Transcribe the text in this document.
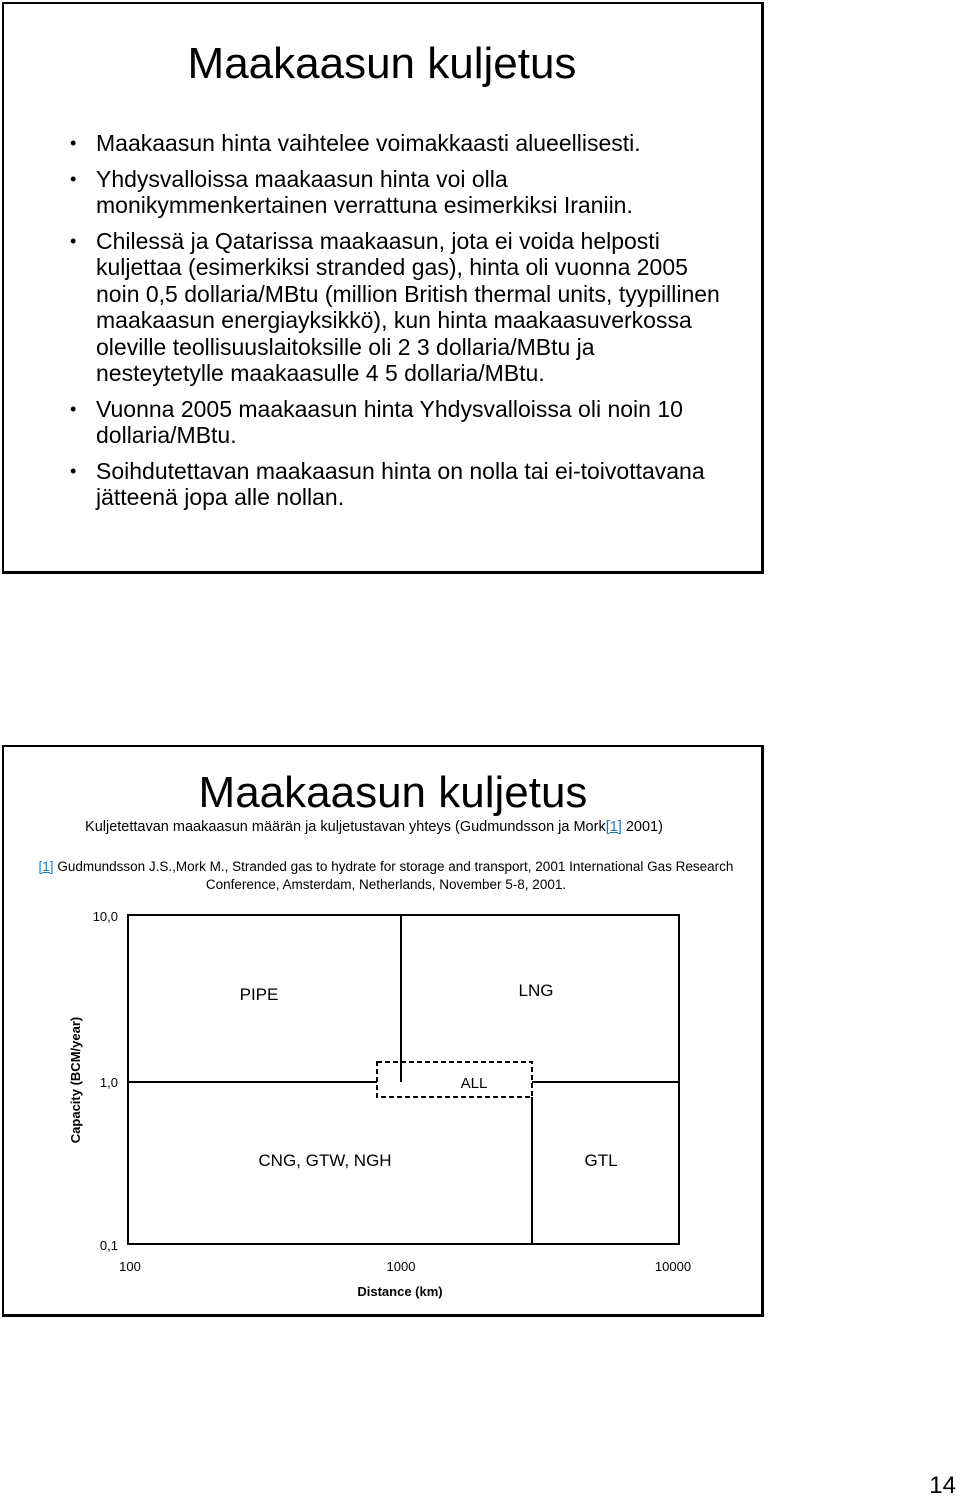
Maakaasun kuljetus
• Maakaasun hinta vaihtelee voimakkaasti alueellisesti.
• Yhdysvalloissa maakaasun hinta voi olla monikymmenkertainen verrattuna esimerkiksi Iraniin.
• Chilessä ja Qatarissa maakaasun, jota ei voida helposti kuljettaa (esimerkiksi stranded gas), hinta oli vuonna 2005 noin 0,5 dollaria/MBtu (million British thermal units, tyypillinen maakaasun energiayksikkö), kun hinta maakaasuverkossa oleville teollisuuslaitoksille oli 2 3 dollaria/MBtu ja nesteytetylle maakaasulle 4 5 dollaria/MBtu.
• Vuonna 2005 maakaasun hinta Yhdysvalloissa oli noin 10 dollaria/MBtu.
• Soihdutettavan maakaasun hinta on nolla tai ei-toivottavana jätteenä jopa alle nollan.
Maakaasun kuljetus
Kuljetettavan maakaasun määrän ja kuljetustavan yhteys (Gudmundsson ja Mork[1] 2001)
[1] Gudmundsson J.S.,Mork M., Stranded gas to hydrate for storage and transport, 2001 International Gas Research Conference, Amsterdam, Netherlands, November 5-8, 2001.
PIPE	LNG
ALL
CNG, GTW, NGH	GTL
10,0
1,0
0,1
100	1000	10000
Distance (km)
Capacity (BCM/year)
14
